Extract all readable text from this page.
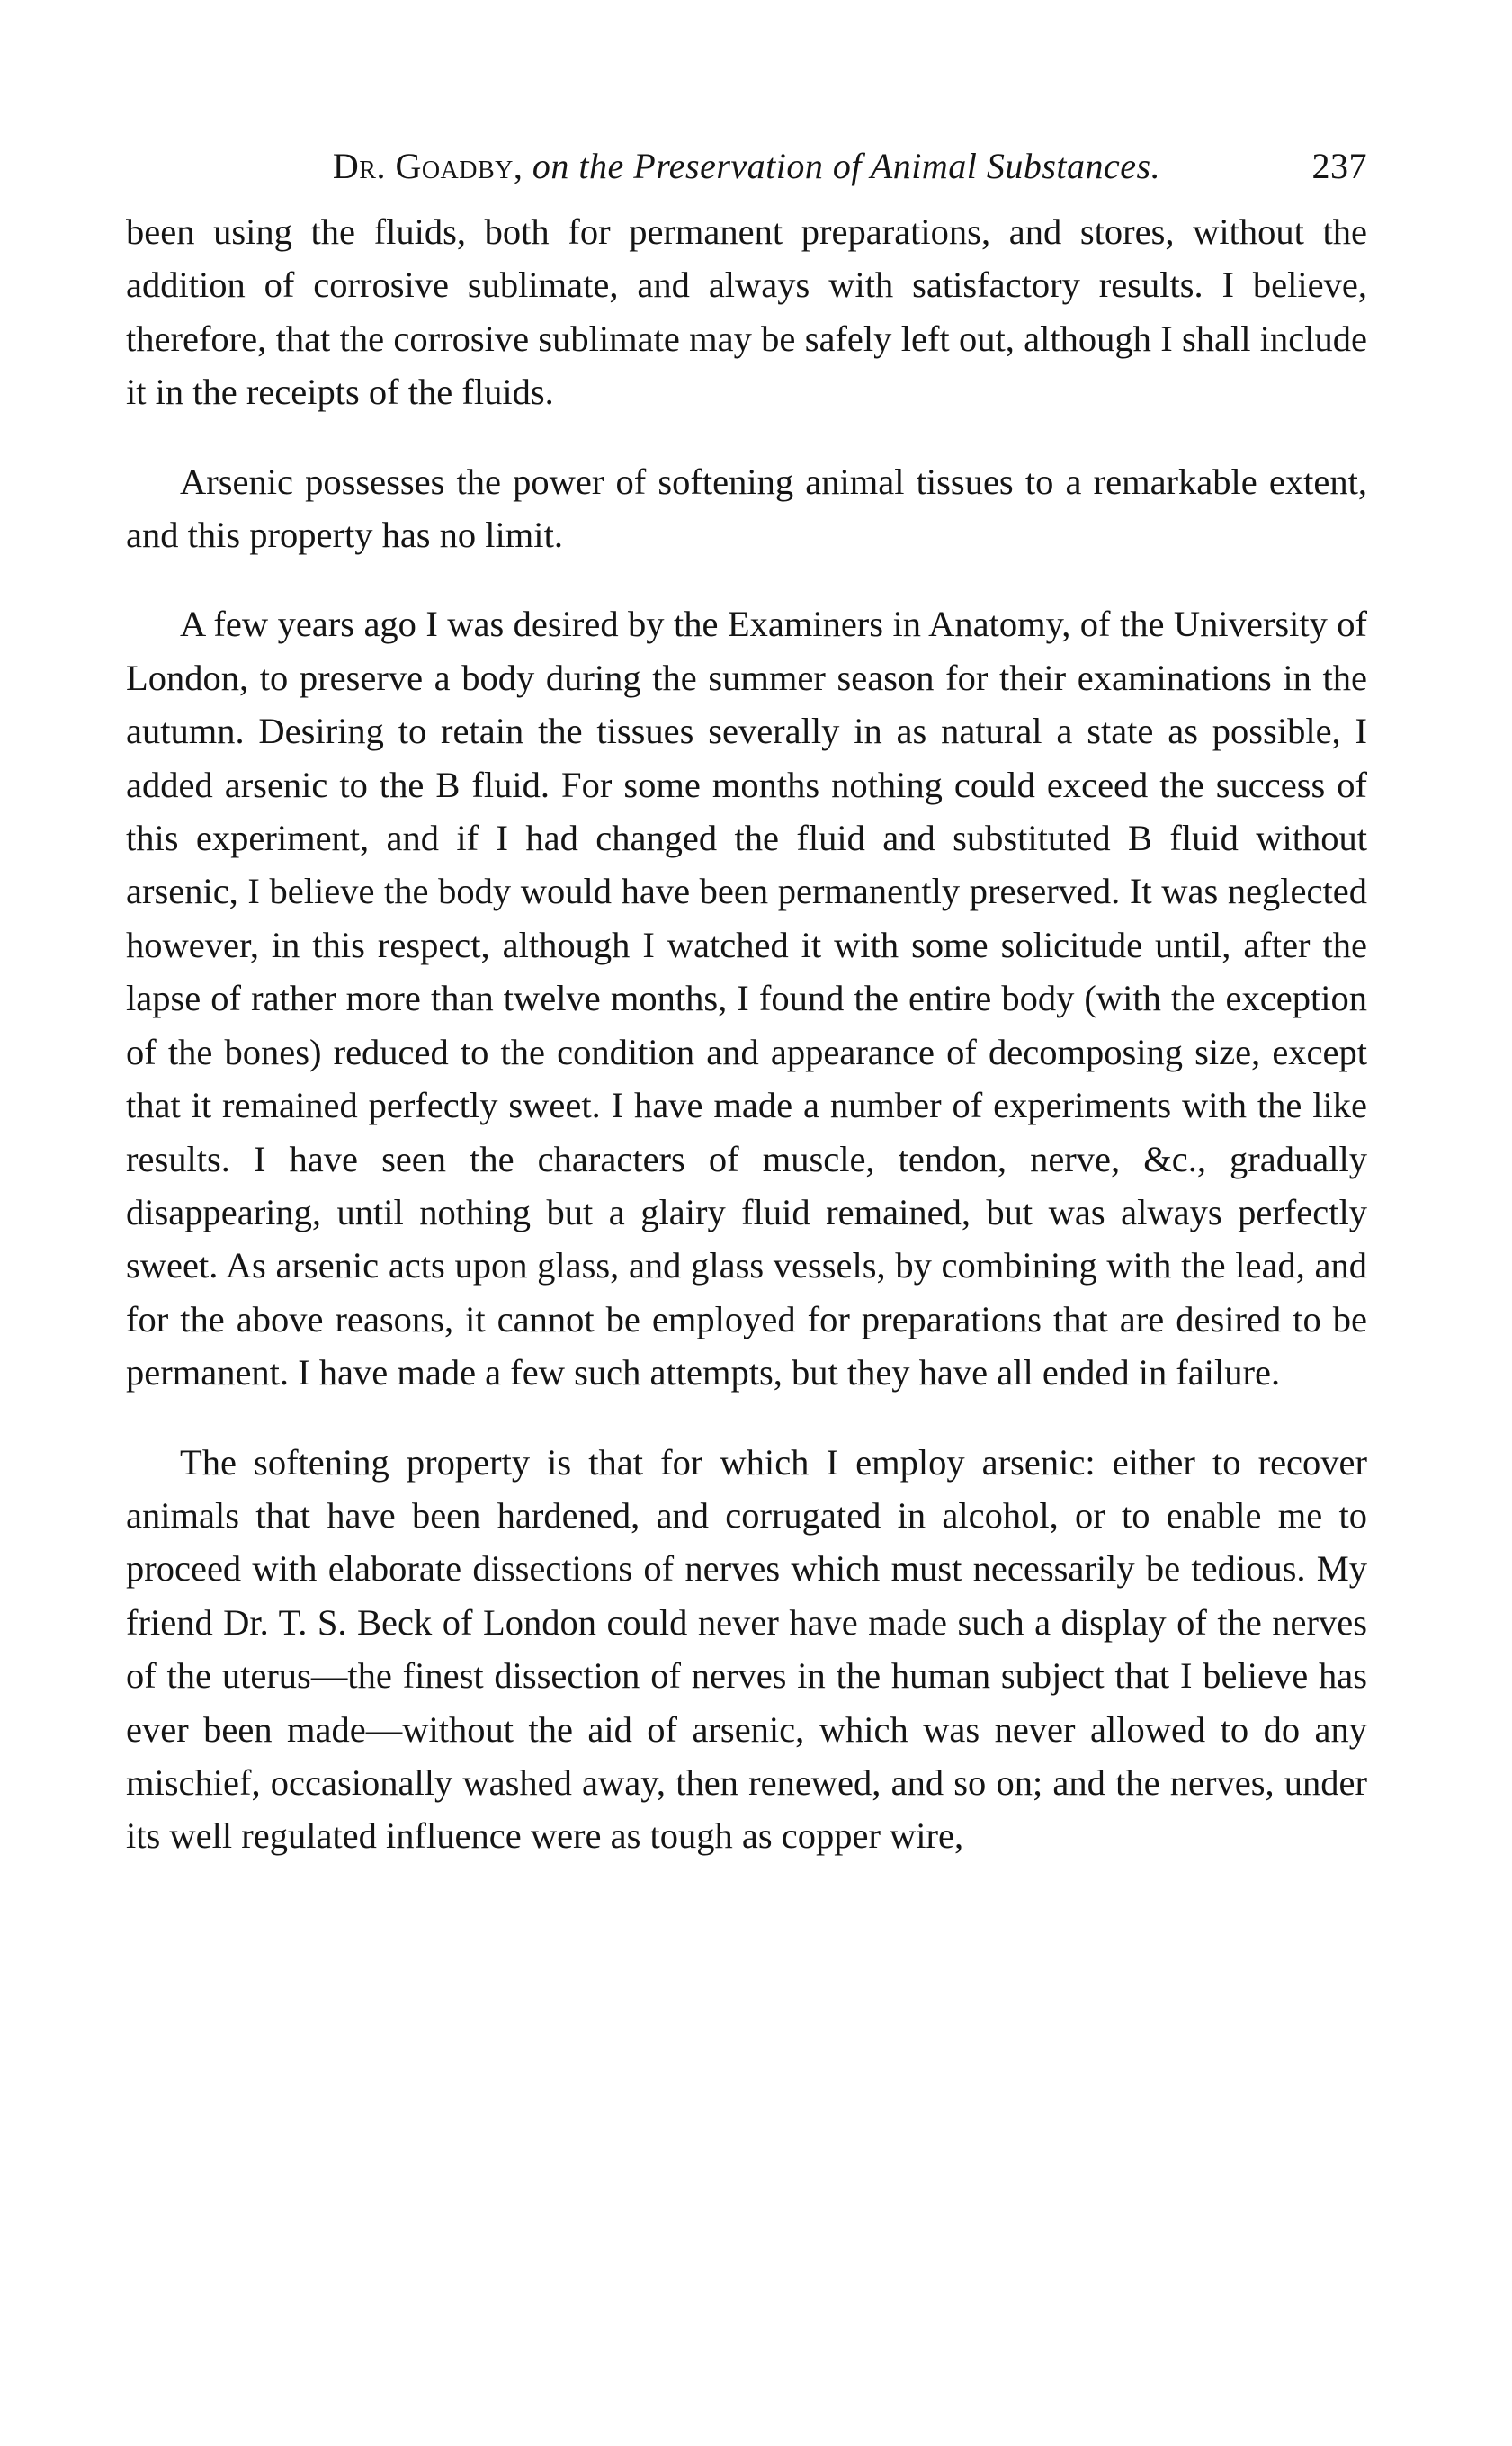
Dr. Goadby, on the Preservation of Animal Substances.	237

been using the fluids, both for permanent preparations, and stores, without the addition of corrosive sublimate, and always with satisfactory results. I believe, therefore, that the corrosive sublimate may be safely left out, although I shall include it in the receipts of the fluids.

Arsenic possesses the power of softening animal tissues to a remarkable extent, and this property has no limit.

A few years ago I was desired by the Examiners in Anatomy, of the University of London, to preserve a body during the summer season for their examinations in the autumn. Desiring to retain the tissues severally in as natural a state as possible, I added arsenic to the B fluid. For some months nothing could exceed the success of this experiment, and if I had changed the fluid and substituted B fluid without arsenic, I believe the body would have been permanently preserved. It was neglected however, in this respect, although I watched it with some solicitude until, after the lapse of rather more than twelve months, I found the entire body (with the exception of the bones) reduced to the condition and appearance of decomposing size, except that it remained perfectly sweet. I have made a number of experiments with the like results. I have seen the characters of muscle, tendon, nerve, &c., gradually disappearing, until nothing but a glairy fluid remained, but was always perfectly sweet. As arsenic acts upon glass, and glass vessels, by combining with the lead, and for the above reasons, it cannot be employed for preparations that are desired to be permanent. I have made a few such attempts, but they have all ended in failure.

The softening property is that for which I employ arsenic: either to recover animals that have been hardened, and corrugated in alcohol, or to enable me to proceed with elaborate dissections of nerves which must necessarily be tedious. My friend Dr. T. S. Beck of London could never have made such a display of the nerves of the uterus—the finest dissection of nerves in the human subject that I believe has ever been made—without the aid of arsenic, which was never allowed to do any mischief, occasionally washed away, then renewed, and so on; and the nerves, under its well regulated influence were as tough as copper wire,
